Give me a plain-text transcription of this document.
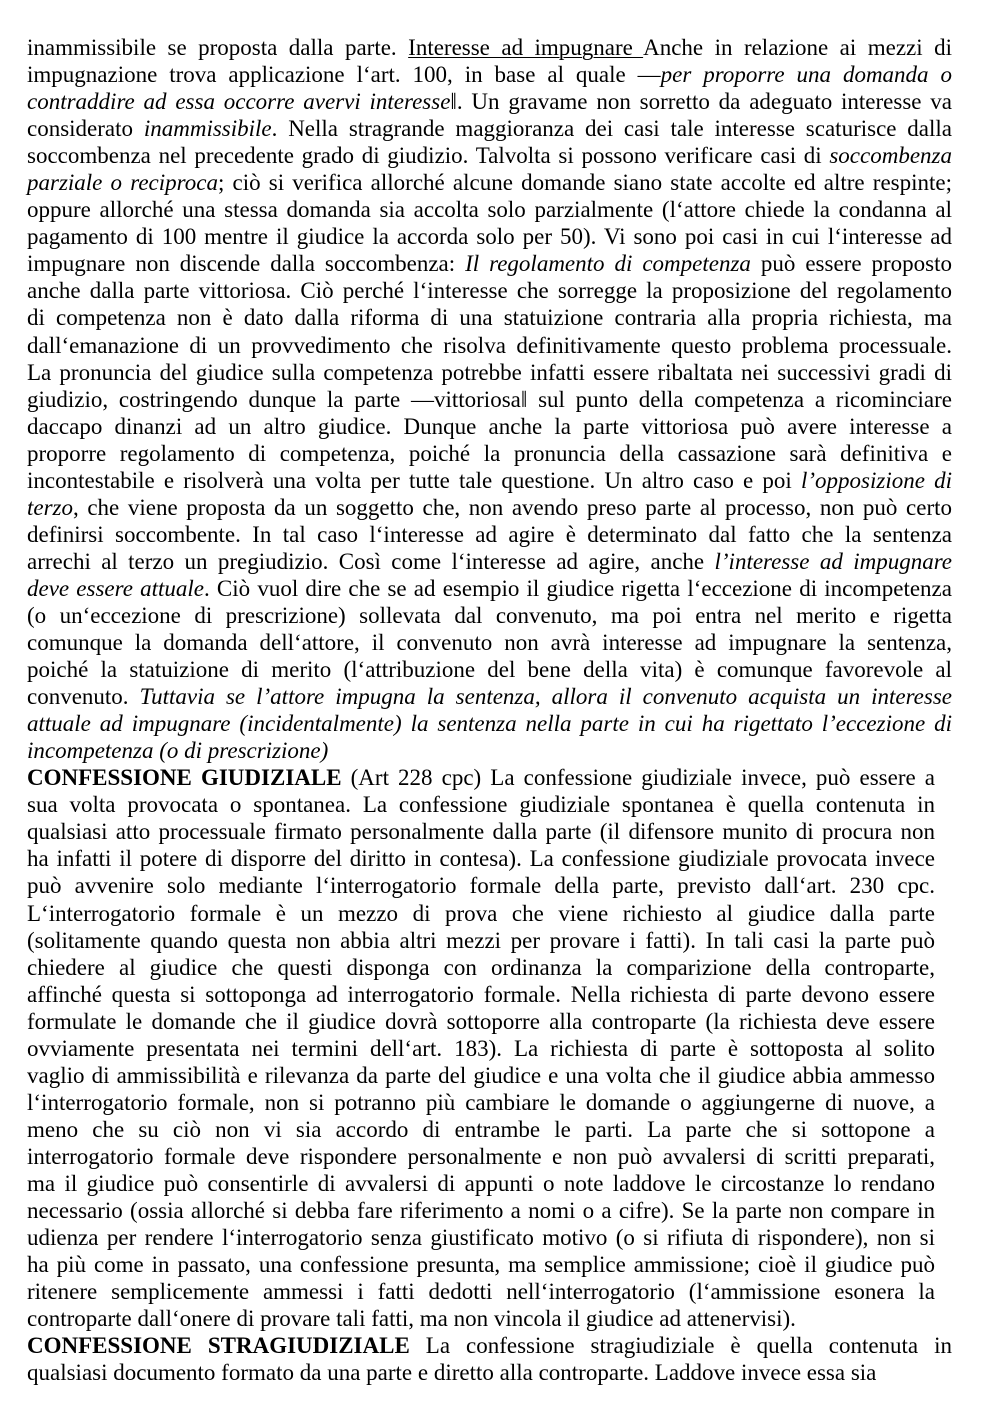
inammissibile se proposta dalla parte. Interesse ad impugnare Anche in relazione ai mezzi di
impugnazione trova applicazione l‘art. 100, in base al quale ―per proporre una domanda o
contraddire ad essa occorre avervi interesse‖. Un gravame non sorretto da adeguato interesse va
considerato inammissibile. Nella stragrande maggioranza dei casi tale interesse scaturisce dalla
soccombenza nel precedente grado di giudizio. Talvolta si possono verificare casi di soccombenza
parziale o reciproca; ciò si verifica allorché alcune domande siano state accolte ed altre respinte;
oppure allorché una stessa domanda sia accolta solo parzialmente (l‘attore chiede la condanna al
pagamento di 100 mentre il giudice la accorda solo per 50). Vi sono poi casi in cui l‘interesse ad
impugnare non discende dalla soccombenza: Il regolamento di competenza può essere proposto
anche dalla parte vittoriosa. Ciò perché l‘interesse che sorregge la proposizione del regolamento
di competenza non è dato dalla riforma di una statuizione contraria alla propria richiesta, ma
dall‘emanazione di un provvedimento che risolva definitivamente questo problema processuale.
La pronuncia del giudice sulla competenza potrebbe infatti essere ribaltata nei successivi gradi di
giudizio, costringendo dunque la parte ―vittoriosa‖ sul punto della competenza a ricominciare
daccapo dinanzi ad un altro giudice. Dunque anche la parte vittoriosa può avere interesse a
proporre regolamento di competenza, poiché la pronuncia della cassazione sarà definitiva e
incontestabile e risolverà una volta per tutte tale questione. Un altro caso e poi l’opposizione di
terzo, che viene proposta da un soggetto che, non avendo preso parte al processo, non può certo
definirsi soccombente. In tal caso l‘interesse ad agire è determinato dal fatto che la sentenza
arrechi al terzo un pregiudizio. Così come l‘interesse ad agire, anche l’interesse ad impugnare
deve essere attuale. Ciò vuol dire che se ad esempio il giudice rigetta l‘eccezione di incompetenza
(o un‘eccezione di prescrizione) sollevata dal convenuto, ma poi entra nel merito e rigetta
comunque la domanda dell‘attore, il convenuto non avrà interesse ad impugnare la sentenza,
poiché la statuizione di merito (l‘attribuzione del bene della vita) è comunque favorevole al
convenuto. Tuttavia se l’attore impugna la sentenza, allora il convenuto acquista un interesse
attuale ad impugnare (incidentalmente) la sentenza nella parte in cui ha rigettato l’eccezione di
incompetenza (o di prescrizione)
CONFESSIONE GIUDIZIALE (Art 228 cpc) La confessione giudiziale invece, può essere a
sua volta provocata o spontanea. La confessione giudiziale spontanea è quella contenuta in
qualsiasi atto processuale firmato personalmente dalla parte (il difensore munito di procura non
ha infatti il potere di disporre del diritto in contesa). La confessione giudiziale provocata invece
può avvenire solo mediante l‘interrogatorio formale della parte, previsto dall‘art. 230 cpc.
L‘interrogatorio formale è un mezzo di prova che viene richiesto al giudice dalla parte
(solitamente quando questa non abbia altri mezzi per provare i fatti). In tali casi la parte può
chiedere al giudice che questi disponga con ordinanza la comparizione della controparte,
affinché questa si sottoponga ad interrogatorio formale. Nella richiesta di parte devono essere
formulate le domande che il giudice dovrà sottoporre alla controparte (la richiesta deve essere
ovviamente presentata nei termini dell‘art. 183). La richiesta di parte è sottoposta al solito
vaglio di ammissibilità e rilevanza da parte del giudice e una volta che il giudice abbia ammesso
l‘interrogatorio formale, non si potranno più cambiare le domande o aggiungerne di nuove, a
meno che su ciò non vi sia accordo di entrambe le parti. La parte che si sottopone a
interrogatorio formale deve rispondere personalmente e non può avvalersi di scritti preparati,
ma il giudice può consentirle di avvalersi di appunti o note laddove le circostanze lo rendano
necessario (ossia allorché si debba fare riferimento a nomi o a cifre). Se la parte non compare in
udienza per rendere l‘interrogatorio senza giustificato motivo (o si rifiuta di rispondere), non si
ha più come in passato, una confessione presunta, ma semplice ammissione; cioè il giudice può
ritenere semplicemente ammessi i fatti dedotti nell‘interrogatorio (l‘ammissione esonera la
controparte dall‘onere di provare tali fatti, ma non vincola il giudice ad attenervisi).
CONFESSIONE STRAGIUDIZIALE La confessione stragiudiziale è quella contenuta in
qualsiasi documento formato da una parte e diretto alla controparte. Laddove invece essa sia
